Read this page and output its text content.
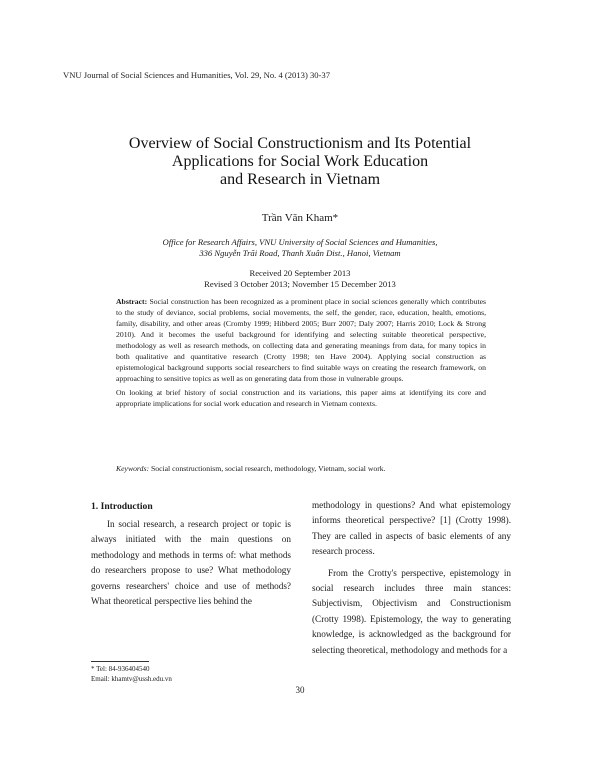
VNU Journal of Social Sciences and Humanities, Vol. 29, No. 4 (2013) 30-37
Overview of Social Constructionism and Its Potential
Applications for Social Work Education
and Research in Vietnam
Trần Văn Kham*
Office for Research Affairs, VNU University of Social Sciences and Humanities,
336 Nguyễn Trãi Road, Thanh Xuân Dist., Hanoi, Vietnam
Received 20 September 2013
Revised 3 October 2013; November 15 December 2013

Abstract: Social construction has been recognized as a prominent place in social sciences generally which contributes to the study of deviance, social problems, social movements, the self, the gender, race, education, health, emotions, family, disability, and other areas (Cromby 1999; Hibberd 2005; Burr 2007; Daly 2007; Harris 2010; Lock & Strong 2010). And it becomes the useful background for identifying and selecting suitable theoretical perspective, methodology as well as research methods, on collecting data and generating meanings from data, for many topics in both qualitative and quantitative research (Crotty 1998; ten Have 2004). Applying social construction as epistemological background supports social researchers to find suitable ways on creating the research framework, on approaching to sensitive topics as well as on generating data from those in vulnerable groups.

On looking at brief history of social construction and its variations, this paper aims at identifying its core and appropriate implications for social work education and research in Vietnam contexts.

Keywords: Social constructionism, social research, methodology, Vietnam, social work.
1. Introduction

In social research, a research project or topic is always initiated with the main questions on methodology and methods in terms of: what methods do researchers propose to use? What methodology governs researchers' choice and use of methods? What theoretical perspective lies behind the

methodology in questions? And what epistemology informs theoretical perspective? [1] (Crotty 1998). They are called in aspects of basic elements of any research process.

From the Crotty's perspective, epistemology in social research includes three main stances: Subjectivism, Objectivism and Constructionism (Crotty 1998). Epistemology, the way to generating knowledge, is acknowledged as the background for selecting theoretical, methodology and methods for a

* Tel: 84-936404540
Email: khamtv@ussh.edu.vn
30
